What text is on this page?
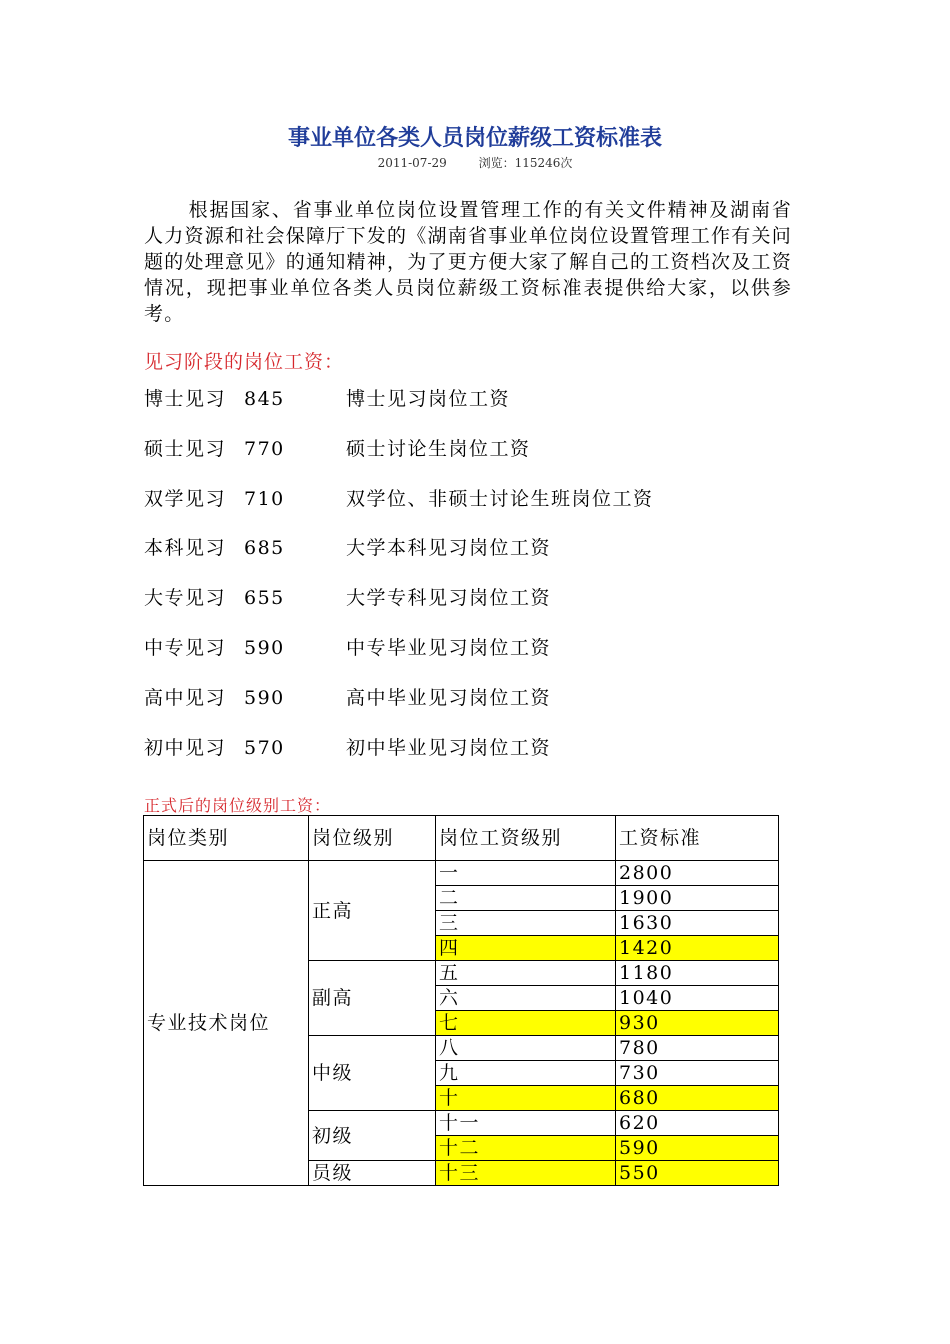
事业单位各类人员岗位薪级工资标准表
2011-07-29	浏览：115246次

根据国家、省事业单位岗位设置管理工作的有关文件精神及湖南省人力资源和社会保障厅下发的《湖南省事业单位岗位设置管理工作有关问题的处理意见》的通知精神，为了更方便大家了解自己的工资档次及工资情况，现把事业单位各类人员岗位薪级工资标准表提供给大家，以供参考。

见习阶段的岗位工资：
博士见习 845	博士见习岗位工资
硕士见习 770	硕士讨论生岗位工资
双学见习 710	双学位、非硕士讨论生班岗位工资
本科见习 685	大学本科见习岗位工资
大专见习 655	大学专科见习岗位工资
中专见习 590	中专毕业见习岗位工资
高中见习 590	高中毕业见习岗位工资
初中见习 570	初中毕业见习岗位工资
正式后的岗位级别工资：
岗位类别	岗位级别	岗位工资级别	工资标准
专业技术岗位	正高	一	2800
		二	1900
		三	1630
		四	1420
	副高	五	1180
		六	1040
		七	930
	中级	八	780
		九	730
		十	680
	初级	十一	620
		十二	590
	员级	十三	550
